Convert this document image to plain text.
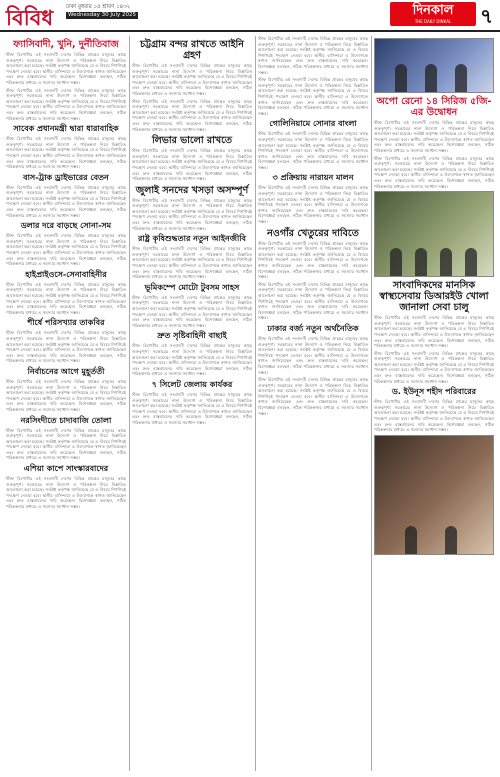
বিবিধ ঢাকা বুধবার ১৫ শ্রাবণ ১৪৩২
Wednesday 30 July 2025	দিনকাল
THE DAILY DINKAL	৭
ফ্যাসিবাদী, খুনি, দুর্নীতিবাজ

স্টাফ রিপোর্টার এই সংবাদটি দেশের বিভিন্ন প্রান্তের মানুষের কাছে গুরুত্বপূর্ণ। সরকারের নানা উদ্যোগ ও পরিকল্পনা নিয়ে বিস্তারিত আলোচনা করা হয়েছে। সংশ্লিষ্ট কর্তৃপক্ষ জানিয়েছে যে এ বিষয়ে শিগগিরই পদক্ষেপ নেওয়া হবে। স্থানীয় বাসিন্দারা এ উদ্যোগকে স্বাগত জানিয়েছেন এবং দ্রুত বাস্তবায়নের দাবি করেছেন। বিশেষজ্ঞরা বলছেন, সঠিক পরিকল্পনার মাধ্যমে এ সমস্যার সমাধান সম্ভব।

স্টাফ রিপোর্টার এই সংবাদটি দেশের বিভিন্ন প্রান্তের মানুষের কাছে গুরুত্বপূর্ণ। সরকারের নানা উদ্যোগ ও পরিকল্পনা নিয়ে বিস্তারিত আলোচনা করা হয়েছে। সংশ্লিষ্ট কর্তৃপক্ষ জানিয়েছে যে এ বিষয়ে শিগগিরই পদক্ষেপ নেওয়া হবে। স্থানীয় বাসিন্দারা এ উদ্যোগকে স্বাগত জানিয়েছেন এবং দ্রুত বাস্তবায়নের দাবি করেছেন। বিশেষজ্ঞরা বলছেন, সঠিক পরিকল্পনার মাধ্যমে এ সমস্যার সমাধান সম্ভব।

সাবেক প্রধানমন্ত্রী দ্বারা ধারাবাহিক

স্টাফ রিপোর্টার এই সংবাদটি দেশের বিভিন্ন প্রান্তের মানুষের কাছে গুরুত্বপূর্ণ। সরকারের নানা উদ্যোগ ও পরিকল্পনা নিয়ে বিস্তারিত আলোচনা করা হয়েছে। সংশ্লিষ্ট কর্তৃপক্ষ জানিয়েছে যে এ বিষয়ে শিগগিরই পদক্ষেপ নেওয়া হবে। স্থানীয় বাসিন্দারা এ উদ্যোগকে স্বাগত জানিয়েছেন এবং দ্রুত বাস্তবায়নের দাবি করেছেন। বিশেষজ্ঞরা বলছেন, সঠিক পরিকল্পনার মাধ্যমে এ সমস্যার সমাধান সম্ভব।

বাস-ট্রাক ড্রাইভারের বেতন

স্টাফ রিপোর্টার এই সংবাদটি দেশের বিভিন্ন প্রান্তের মানুষের কাছে গুরুত্বপূর্ণ। সরকারের নানা উদ্যোগ ও পরিকল্পনা নিয়ে বিস্তারিত আলোচনা করা হয়েছে। সংশ্লিষ্ট কর্তৃপক্ষ জানিয়েছে যে এ বিষয়ে শিগগিরই পদক্ষেপ নেওয়া হবে। স্থানীয় বাসিন্দারা এ উদ্যোগকে স্বাগত জানিয়েছেন এবং দ্রুত বাস্তবায়নের দাবি করেছেন। বিশেষজ্ঞরা বলছেন, সঠিক পরিকল্পনার মাধ্যমে এ সমস্যার সমাধান সম্ভব।

ডলার দরে বাড়ছে সোনা-সম

স্টাফ রিপোর্টার এই সংবাদটি দেশের বিভিন্ন প্রান্তের মানুষের কাছে গুরুত্বপূর্ণ। সরকারের নানা উদ্যোগ ও পরিকল্পনা নিয়ে বিস্তারিত আলোচনা করা হয়েছে। সংশ্লিষ্ট কর্তৃপক্ষ জানিয়েছে যে এ বিষয়ে শিগগিরই পদক্ষেপ নেওয়া হবে। স্থানীয় বাসিন্দারা এ উদ্যোগকে স্বাগত জানিয়েছেন এবং দ্রুত বাস্তবায়নের দাবি করেছেন। বিশেষজ্ঞরা বলছেন, সঠিক পরিকল্পনার মাধ্যমে এ সমস্যার সমাধান সম্ভব।

হাইপ্রাইওসে-সেনাবাহিনীর

স্টাফ রিপোর্টার এই সংবাদটি দেশের বিভিন্ন প্রান্তের মানুষের কাছে গুরুত্বপূর্ণ। সরকারের নানা উদ্যোগ ও পরিকল্পনা নিয়ে বিস্তারিত আলোচনা করা হয়েছে। সংশ্লিষ্ট কর্তৃপক্ষ জানিয়েছে যে এ বিষয়ে শিগগিরই পদক্ষেপ নেওয়া হবে। স্থানীয় বাসিন্দারা এ উদ্যোগকে স্বাগত জানিয়েছেন এবং দ্রুত বাস্তবায়নের দাবি করেছেন। বিশেষজ্ঞরা বলছেন, সঠিক পরিকল্পনার মাধ্যমে এ সমস্যার সমাধান সম্ভব।

শীর্ষে পরিসখ্যার তাকবির

স্টাফ রিপোর্টার এই সংবাদটি দেশের বিভিন্ন প্রান্তের মানুষের কাছে গুরুত্বপূর্ণ। সরকারের নানা উদ্যোগ ও পরিকল্পনা নিয়ে বিস্তারিত আলোচনা করা হয়েছে। সংশ্লিষ্ট কর্তৃপক্ষ জানিয়েছে যে এ বিষয়ে শিগগিরই পদক্ষেপ নেওয়া হবে। স্থানীয় বাসিন্দারা এ উদ্যোগকে স্বাগত জানিয়েছেন এবং দ্রুত বাস্তবায়নের দাবি করেছেন। বিশেষজ্ঞরা বলছেন, সঠিক পরিকল্পনার মাধ্যমে এ সমস্যার সমাধান সম্ভব।

নির্বাচনের আগে মুহূর্ততী

স্টাফ রিপোর্টার এই সংবাদটি দেশের বিভিন্ন প্রান্তের মানুষের কাছে গুরুত্বপূর্ণ। সরকারের নানা উদ্যোগ ও পরিকল্পনা নিয়ে বিস্তারিত আলোচনা করা হয়েছে। সংশ্লিষ্ট কর্তৃপক্ষ জানিয়েছে যে এ বিষয়ে শিগগিরই পদক্ষেপ নেওয়া হবে। স্থানীয় বাসিন্দারা এ উদ্যোগকে স্বাগত জানিয়েছেন এবং দ্রুত বাস্তবায়নের দাবি করেছেন। বিশেষজ্ঞরা বলছেন, সঠিক পরিকল্পনার মাধ্যমে এ সমস্যার সমাধান সম্ভব।

নরসিংদীতে চাদাবাজি তোলা

স্টাফ রিপোর্টার এই সংবাদটি দেশের বিভিন্ন প্রান্তের মানুষের কাছে গুরুত্বপূর্ণ। সরকারের নানা উদ্যোগ ও পরিকল্পনা নিয়ে বিস্তারিত আলোচনা করা হয়েছে। সংশ্লিষ্ট কর্তৃপক্ষ জানিয়েছে যে এ বিষয়ে শিগগিরই পদক্ষেপ নেওয়া হবে। স্থানীয় বাসিন্দারা এ উদ্যোগকে স্বাগত জানিয়েছেন এবং দ্রুত বাস্তবায়নের দাবি করেছেন। বিশেষজ্ঞরা বলছেন, সঠিক পরিকল্পনার মাধ্যমে এ সমস্যার সমাধান সম্ভব।

এশিয়া কাপে সাংস্কারবাদের

স্টাফ রিপোর্টার এই সংবাদটি দেশের বিভিন্ন প্রান্তের মানুষের কাছে গুরুত্বপূর্ণ। সরকারের নানা উদ্যোগ ও পরিকল্পনা নিয়ে বিস্তারিত আলোচনা করা হয়েছে। সংশ্লিষ্ট কর্তৃপক্ষ জানিয়েছে যে এ বিষয়ে শিগগিরই পদক্ষেপ নেওয়া হবে। স্থানীয় বাসিন্দারা এ উদ্যোগকে স্বাগত জানিয়েছেন এবং দ্রুত বাস্তবায়নের দাবি করেছেন। বিশেষজ্ঞরা বলছেন, সঠিক পরিকল্পনার মাধ্যমে এ সমস্যার সমাধান সম্ভব।

চট্টগ্রাম বন্দর রাখতে আইনি গ্রহণ

স্টাফ রিপোর্টার এই সংবাদটি দেশের বিভিন্ন প্রান্তের মানুষের কাছে গুরুত্বপূর্ণ। সরকারের নানা উদ্যোগ ও পরিকল্পনা নিয়ে বিস্তারিত আলোচনা করা হয়েছে। সংশ্লিষ্ট কর্তৃপক্ষ জানিয়েছে যে এ বিষয়ে শিগগিরই পদক্ষেপ নেওয়া হবে। স্থানীয় বাসিন্দারা এ উদ্যোগকে স্বাগত জানিয়েছেন এবং দ্রুত বাস্তবায়নের দাবি করেছেন। বিশেষজ্ঞরা বলছেন, সঠিক পরিকল্পনার মাধ্যমে এ সমস্যার সমাধান সম্ভব।

স্টাফ রিপোর্টার এই সংবাদটি দেশের বিভিন্ন প্রান্তের মানুষের কাছে গুরুত্বপূর্ণ। সরকারের নানা উদ্যোগ ও পরিকল্পনা নিয়ে বিস্তারিত আলোচনা করা হয়েছে। সংশ্লিষ্ট কর্তৃপক্ষ জানিয়েছে যে এ বিষয়ে শিগগিরই পদক্ষেপ নেওয়া হবে। স্থানীয় বাসিন্দারা এ উদ্যোগকে স্বাগত জানিয়েছেন এবং দ্রুত বাস্তবায়নের দাবি করেছেন। বিশেষজ্ঞরা বলছেন, সঠিক পরিকল্পনার মাধ্যমে এ সমস্যার সমাধান সম্ভব।

লিভার ভালো রাখতে

স্টাফ রিপোর্টার এই সংবাদটি দেশের বিভিন্ন প্রান্তের মানুষের কাছে গুরুত্বপূর্ণ। সরকারের নানা উদ্যোগ ও পরিকল্পনা নিয়ে বিস্তারিত আলোচনা করা হয়েছে। সংশ্লিষ্ট কর্তৃপক্ষ জানিয়েছে যে এ বিষয়ে শিগগিরই পদক্ষেপ নেওয়া হবে। স্থানীয় বাসিন্দারা এ উদ্যোগকে স্বাগত জানিয়েছেন এবং দ্রুত বাস্তবায়নের দাবি করেছেন। বিশেষজ্ঞরা বলছেন, সঠিক পরিকল্পনার মাধ্যমে এ সমস্যার সমাধান সম্ভব।

জুলাই সনদের খসড়া অসম্পূর্ণ

স্টাফ রিপোর্টার এই সংবাদটি দেশের বিভিন্ন প্রান্তের মানুষের কাছে গুরুত্বপূর্ণ। সরকারের নানা উদ্যোগ ও পরিকল্পনা নিয়ে বিস্তারিত আলোচনা করা হয়েছে। সংশ্লিষ্ট কর্তৃপক্ষ জানিয়েছে যে এ বিষয়ে শিগগিরই পদক্ষেপ নেওয়া হবে। স্থানীয় বাসিন্দারা এ উদ্যোগকে স্বাগত জানিয়েছেন এবং দ্রুত বাস্তবায়নের দাবি করেছেন। বিশেষজ্ঞরা বলছেন, সঠিক পরিকল্পনার মাধ্যমে এ সমস্যার সমাধান সম্ভব।

রাষ্ট্র কৃষিশুদ্ধতার নতুন আইনজীবি

স্টাফ রিপোর্টার এই সংবাদটি দেশের বিভিন্ন প্রান্তের মানুষের কাছে গুরুত্বপূর্ণ। সরকারের নানা উদ্যোগ ও পরিকল্পনা নিয়ে বিস্তারিত আলোচনা করা হয়েছে। সংশ্লিষ্ট কর্তৃপক্ষ জানিয়েছে যে এ বিষয়ে শিগগিরই পদক্ষেপ নেওয়া হবে। স্থানীয় বাসিন্দারা এ উদ্যোগকে স্বাগত জানিয়েছেন এবং দ্রুত বাস্তবায়নের দাবি করেছেন। বিশেষজ্ঞরা বলছেন, সঠিক পরিকল্পনার মাধ্যমে এ সমস্যার সমাধান সম্ভব।

ভূমিকম্পে মোটো টুবসম সাহস

স্টাফ রিপোর্টার এই সংবাদটি দেশের বিভিন্ন প্রান্তের মানুষের কাছে গুরুত্বপূর্ণ। সরকারের নানা উদ্যোগ ও পরিকল্পনা নিয়ে বিস্তারিত আলোচনা করা হয়েছে। সংশ্লিষ্ট কর্তৃপক্ষ জানিয়েছে যে এ বিষয়ে শিগগিরই পদক্ষেপ নেওয়া হবে। স্থানীয় বাসিন্দারা এ উদ্যোগকে স্বাগত জানিয়েছেন এবং দ্রুত বাস্তবায়নের দাবি করেছেন। বিশেষজ্ঞরা বলছেন, সঠিক পরিকল্পনার মাধ্যমে এ সমস্যার সমাধান সম্ভব।

দ্রুত সৃষ্টিবাহিনী বাছাই

স্টাফ রিপোর্টার এই সংবাদটি দেশের বিভিন্ন প্রান্তের মানুষের কাছে গুরুত্বপূর্ণ। সরকারের নানা উদ্যোগ ও পরিকল্পনা নিয়ে বিস্তারিত আলোচনা করা হয়েছে। সংশ্লিষ্ট কর্তৃপক্ষ জানিয়েছে যে এ বিষয়ে শিগগিরই পদক্ষেপ নেওয়া হবে। স্থানীয় বাসিন্দারা এ উদ্যোগকে স্বাগত জানিয়েছেন এবং দ্রুত বাস্তবায়নের দাবি করেছেন। বিশেষজ্ঞরা বলছেন, সঠিক পরিকল্পনার মাধ্যমে এ সমস্যার সমাধান সম্ভব।

৭ সিলেট জেলায় কার্যকর

স্টাফ রিপোর্টার এই সংবাদটি দেশের বিভিন্ন প্রান্তের মানুষের কাছে গুরুত্বপূর্ণ। সরকারের নানা উদ্যোগ ও পরিকল্পনা নিয়ে বিস্তারিত আলোচনা করা হয়েছে। সংশ্লিষ্ট কর্তৃপক্ষ জানিয়েছে যে এ বিষয়ে শিগগিরই পদক্ষেপ নেওয়া হবে। স্থানীয় বাসিন্দারা এ উদ্যোগকে স্বাগত জানিয়েছেন এবং দ্রুত বাস্তবায়নের দাবি করেছেন। বিশেষজ্ঞরা বলছেন, সঠিক পরিকল্পনার মাধ্যমে এ সমস্যার সমাধান সম্ভব।

স্টাফ রিপোর্টার এই সংবাদটি দেশের বিভিন্ন প্রান্তের মানুষের কাছে গুরুত্বপূর্ণ। সরকারের নানা উদ্যোগ ও পরিকল্পনা নিয়ে বিস্তারিত আলোচনা করা হয়েছে। সংশ্লিষ্ট কর্তৃপক্ষ জানিয়েছে যে এ বিষয়ে শিগগিরই পদক্ষেপ নেওয়া হবে। স্থানীয় বাসিন্দারা এ উদ্যোগকে স্বাগত জানিয়েছেন এবং দ্রুত বাস্তবায়নের দাবি করেছেন। বিশেষজ্ঞরা বলছেন, সঠিক পরিকল্পনার মাধ্যমে এ সমস্যার সমাধান সম্ভব।

স্টাফ রিপোর্টার এই সংবাদটি দেশের বিভিন্ন প্রান্তের মানুষের কাছে গুরুত্বপূর্ণ। সরকারের নানা উদ্যোগ ও পরিকল্পনা নিয়ে বিস্তারিত আলোচনা করা হয়েছে। সংশ্লিষ্ট কর্তৃপক্ষ জানিয়েছে যে এ বিষয়ে শিগগিরই পদক্ষেপ নেওয়া হবে। স্থানীয় বাসিন্দারা এ উদ্যোগকে স্বাগত জানিয়েছেন এবং দ্রুত বাস্তবায়নের দাবি করেছেন। বিশেষজ্ঞরা বলছেন, সঠিক পরিকল্পনার মাধ্যমে এ সমস্যার সমাধান সম্ভব।

গোলিনিয়ামে সোনার বাংলা

স্টাফ রিপোর্টার এই সংবাদটি দেশের বিভিন্ন প্রান্তের মানুষের কাছে গুরুত্বপূর্ণ। সরকারের নানা উদ্যোগ ও পরিকল্পনা নিয়ে বিস্তারিত আলোচনা করা হয়েছে। সংশ্লিষ্ট কর্তৃপক্ষ জানিয়েছে যে এ বিষয়ে শিগগিরই পদক্ষেপ নেওয়া হবে। স্থানীয় বাসিন্দারা এ উদ্যোগকে স্বাগত জানিয়েছেন এবং দ্রুত বাস্তবায়নের দাবি করেছেন। বিশেষজ্ঞরা বলছেন, সঠিক পরিকল্পনার মাধ্যমে এ সমস্যার সমাধান সম্ভব।

৩ প্রক্রিয়ায় নারায়ন মালন

স্টাফ রিপোর্টার এই সংবাদটি দেশের বিভিন্ন প্রান্তের মানুষের কাছে গুরুত্বপূর্ণ। সরকারের নানা উদ্যোগ ও পরিকল্পনা নিয়ে বিস্তারিত আলোচনা করা হয়েছে। সংশ্লিষ্ট কর্তৃপক্ষ জানিয়েছে যে এ বিষয়ে শিগগিরই পদক্ষেপ নেওয়া হবে। স্থানীয় বাসিন্দারা এ উদ্যোগকে স্বাগত জানিয়েছেন এবং দ্রুত বাস্তবায়নের দাবি করেছেন। বিশেষজ্ঞরা বলছেন, সঠিক পরিকল্পনার মাধ্যমে এ সমস্যার সমাধান সম্ভব।

নওগাঁর খেতুরের দাবিতে

স্টাফ রিপোর্টার এই সংবাদটি দেশের বিভিন্ন প্রান্তের মানুষের কাছে গুরুত্বপূর্ণ। সরকারের নানা উদ্যোগ ও পরিকল্পনা নিয়ে বিস্তারিত আলোচনা করা হয়েছে। সংশ্লিষ্ট কর্তৃপক্ষ জানিয়েছে যে এ বিষয়ে শিগগিরই পদক্ষেপ নেওয়া হবে। স্থানীয় বাসিন্দারা এ উদ্যোগকে স্বাগত জানিয়েছেন এবং দ্রুত বাস্তবায়নের দাবি করেছেন। বিশেষজ্ঞরা বলছেন, সঠিক পরিকল্পনার মাধ্যমে এ সমস্যার সমাধান সম্ভব।

স্টাফ রিপোর্টার এই সংবাদটি দেশের বিভিন্ন প্রান্তের মানুষের কাছে গুরুত্বপূর্ণ। সরকারের নানা উদ্যোগ ও পরিকল্পনা নিয়ে বিস্তারিত আলোচনা করা হয়েছে। সংশ্লিষ্ট কর্তৃপক্ষ জানিয়েছে যে এ বিষয়ে শিগগিরই পদক্ষেপ নেওয়া হবে। স্থানীয় বাসিন্দারা এ উদ্যোগকে স্বাগত জানিয়েছেন এবং দ্রুত বাস্তবায়নের দাবি করেছেন। বিশেষজ্ঞরা বলছেন, সঠিক পরিকল্পনার মাধ্যমে এ সমস্যার সমাধান সম্ভব।

ঢাকার বর্জ্য নতুন অর্থনৈতিক

স্টাফ রিপোর্টার এই সংবাদটি দেশের বিভিন্ন প্রান্তের মানুষের কাছে গুরুত্বপূর্ণ। সরকারের নানা উদ্যোগ ও পরিকল্পনা নিয়ে বিস্তারিত আলোচনা করা হয়েছে। সংশ্লিষ্ট কর্তৃপক্ষ জানিয়েছে যে এ বিষয়ে শিগগিরই পদক্ষেপ নেওয়া হবে। স্থানীয় বাসিন্দারা এ উদ্যোগকে স্বাগত জানিয়েছেন এবং দ্রুত বাস্তবায়নের দাবি করেছেন। বিশেষজ্ঞরা বলছেন, সঠিক পরিকল্পনার মাধ্যমে এ সমস্যার সমাধান সম্ভব।

স্টাফ রিপোর্টার এই সংবাদটি দেশের বিভিন্ন প্রান্তের মানুষের কাছে গুরুত্বপূর্ণ। সরকারের নানা উদ্যোগ ও পরিকল্পনা নিয়ে বিস্তারিত আলোচনা করা হয়েছে। সংশ্লিষ্ট কর্তৃপক্ষ জানিয়েছে যে এ বিষয়ে শিগগিরই পদক্ষেপ নেওয়া হবে। স্থানীয় বাসিন্দারা এ উদ্যোগকে স্বাগত জানিয়েছেন এবং দ্রুত বাস্তবায়নের দাবি করেছেন। বিশেষজ্ঞরা বলছেন, সঠিক পরিকল্পনার মাধ্যমে এ সমস্যার সমাধান সম্ভব।

অপো রেনো ১৪ সিরিজ ৫জি-এর উদ্বোধন

স্টাফ রিপোর্টার এই সংবাদটি দেশের বিভিন্ন প্রান্তের মানুষের কাছে গুরুত্বপূর্ণ। সরকারের নানা উদ্যোগ ও পরিকল্পনা নিয়ে বিস্তারিত আলোচনা করা হয়েছে। সংশ্লিষ্ট কর্তৃপক্ষ জানিয়েছে যে এ বিষয়ে শিগগিরই পদক্ষেপ নেওয়া হবে। স্থানীয় বাসিন্দারা এ উদ্যোগকে স্বাগত জানিয়েছেন এবং দ্রুত বাস্তবায়নের দাবি করেছেন। বিশেষজ্ঞরা বলছেন, সঠিক পরিকল্পনার মাধ্যমে এ সমস্যার সমাধান সম্ভব।

স্টাফ রিপোর্টার এই সংবাদটি দেশের বিভিন্ন প্রান্তের মানুষের কাছে গুরুত্বপূর্ণ। সরকারের নানা উদ্যোগ ও পরিকল্পনা নিয়ে বিস্তারিত আলোচনা করা হয়েছে। সংশ্লিষ্ট কর্তৃপক্ষ জানিয়েছে যে এ বিষয়ে শিগগিরই পদক্ষেপ নেওয়া হবে। স্থানীয় বাসিন্দারা এ উদ্যোগকে স্বাগত জানিয়েছেন এবং দ্রুত বাস্তবায়নের দাবি করেছেন। বিশেষজ্ঞরা বলছেন, সঠিক পরিকল্পনার মাধ্যমে এ সমস্যার সমাধান সম্ভব।

সাংবাদিকদের মানসিক স্বাস্থ্যসেবায় ডিআরইউ খোলা জানালা সেবা চালু

স্টাফ রিপোর্টার এই সংবাদটি দেশের বিভিন্ন প্রান্তের মানুষের কাছে গুরুত্বপূর্ণ। সরকারের নানা উদ্যোগ ও পরিকল্পনা নিয়ে বিস্তারিত আলোচনা করা হয়েছে। সংশ্লিষ্ট কর্তৃপক্ষ জানিয়েছে যে এ বিষয়ে শিগগিরই পদক্ষেপ নেওয়া হবে। স্থানীয় বাসিন্দারা এ উদ্যোগকে স্বাগত জানিয়েছেন এবং দ্রুত বাস্তবায়নের দাবি করেছেন। বিশেষজ্ঞরা বলছেন, সঠিক পরিকল্পনার মাধ্যমে এ সমস্যার সমাধান সম্ভব।

স্টাফ রিপোর্টার এই সংবাদটি দেশের বিভিন্ন প্রান্তের মানুষের কাছে গুরুত্বপূর্ণ। সরকারের নানা উদ্যোগ ও পরিকল্পনা নিয়ে বিস্তারিত আলোচনা করা হয়েছে। সংশ্লিষ্ট কর্তৃপক্ষ জানিয়েছে যে এ বিষয়ে শিগগিরই পদক্ষেপ নেওয়া হবে। স্থানীয় বাসিন্দারা এ উদ্যোগকে স্বাগত জানিয়েছেন এবং দ্রুত বাস্তবায়নের দাবি করেছেন। বিশেষজ্ঞরা বলছেন, সঠিক পরিকল্পনার মাধ্যমে এ সমস্যার সমাধান সম্ভব।

ড. ইউনূস শহীদ পরিবারের

স্টাফ রিপোর্টার এই সংবাদটি দেশের বিভিন্ন প্রান্তের মানুষের কাছে গুরুত্বপূর্ণ। সরকারের নানা উদ্যোগ ও পরিকল্পনা নিয়ে বিস্তারিত আলোচনা করা হয়েছে। সংশ্লিষ্ট কর্তৃপক্ষ জানিয়েছে যে এ বিষয়ে শিগগিরই পদক্ষেপ নেওয়া হবে। স্থানীয় বাসিন্দারা এ উদ্যোগকে স্বাগত জানিয়েছেন এবং দ্রুত বাস্তবায়নের দাবি করেছেন। বিশেষজ্ঞরা বলছেন, সঠিক পরিকল্পনার মাধ্যমে এ সমস্যার সমাধান সম্ভব।
